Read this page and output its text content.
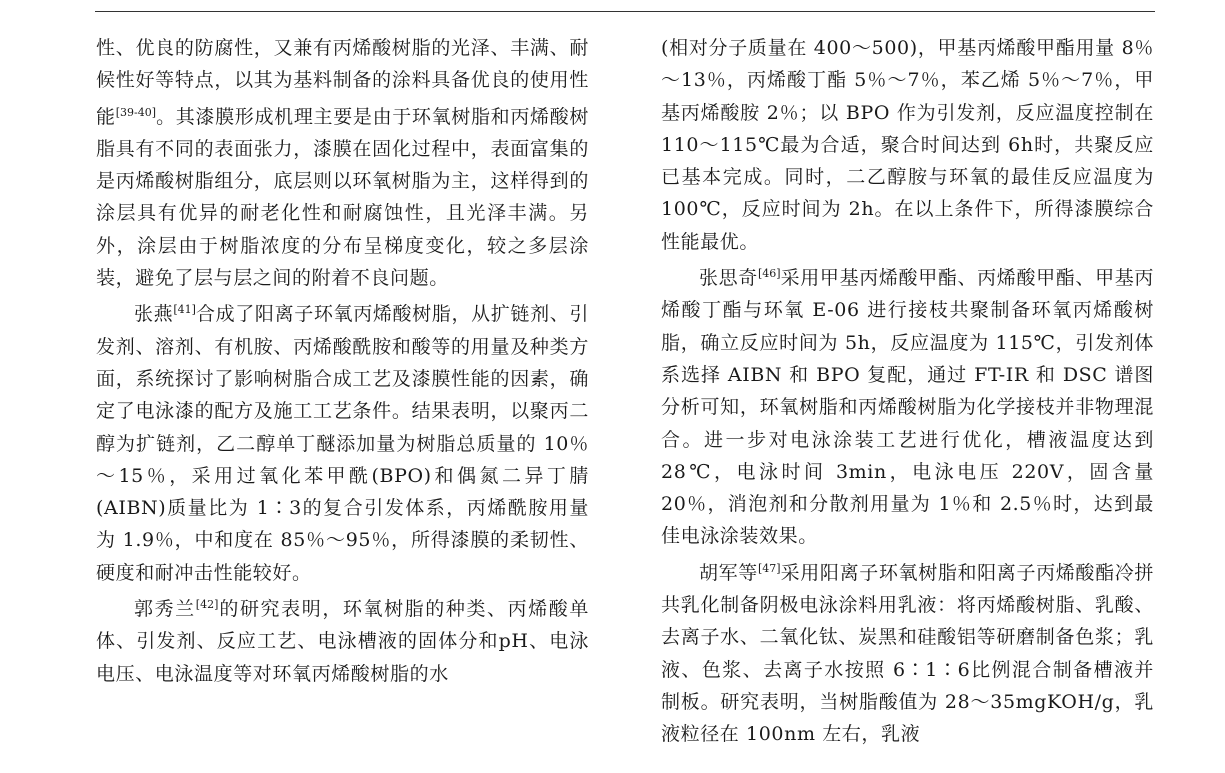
性、优良的防腐性，又兼有丙烯酸树脂的光泽、丰满、耐候性好等特点，以其为基料制备的涂料具备优良的使用性能[39-40]。其漆膜形成机理主要是由于环氧树脂和丙烯酸树脂具有不同的表面张力，漆膜在固化过程中，表面富集的是丙烯酸树脂组分，底层则以环氧树脂为主，这样得到的涂层具有优异的耐老化性和耐腐蚀性，且光泽丰满。另外，涂层由于树脂浓度的分布呈梯度变化，较之多层涂装，避免了层与层之间的附着不良问题。

张燕[41]合成了阳离子环氧丙烯酸树脂，从扩链剂、引发剂、溶剂、有机胺、丙烯酸酰胺和酸等的用量及种类方面，系统探讨了影响树脂合成工艺及漆膜性能的因素，确定了电泳漆的配方及施工工艺条件。结果表明，以聚丙二醇为扩链剂，乙二醇单丁醚添加量为树脂总质量的 10％～15％，采用过氧化苯甲酰(BPO)和偶氮二异丁腈(AIBN)质量比为 1∶3的复合引发体系，丙烯酰胺用量为 1.9％，中和度在 85％～95％，所得漆膜的柔韧性、硬度和耐冲击性能较好。

郭秀兰[42]的研究表明，环氧树脂的种类、丙烯酸单体、引发剂、反应工艺、电泳槽液的固体分和pH、电泳电压、电泳温度等对环氧丙烯酸树脂的水

(相对分子质量在 400～500)，甲基丙烯酸甲酯用量 8％～13％，丙烯酸丁酯 5％～7％，苯乙烯 5％～7％，甲基丙烯酸胺 2％；以 BPO 作为引发剂，反应温度控制在 110～115℃最为合适，聚合时间达到 6h时，共聚反应已基本完成。同时，二乙醇胺与环氧的最佳反应温度为 100℃，反应时间为 2h。在以上条件下，所得漆膜综合性能最优。

张思奇[46]采用甲基丙烯酸甲酯、丙烯酸甲酯、甲基丙烯酸丁酯与环氧 E-06 进行接枝共聚制备环氧丙烯酸树脂，确立反应时间为 5h，反应温度为 115℃，引发剂体系选择 AIBN 和 BPO 复配，通过 FT-IR 和 DSC 谱图分析可知，环氧树脂和丙烯酸树脂为化学接枝并非物理混合。进一步对电泳涂装工艺进行优化，槽液温度达到 28℃，电泳时间 3min，电泳电压 220V，固含量 20％，消泡剂和分散剂用量为 1％和 2.5％时，达到最佳电泳涂装效果。

胡军等[47]采用阳离子环氧树脂和阳离子丙烯酸酯冷拼共乳化制备阴极电泳涂料用乳液：将丙烯酸树脂、乳酸、去离子水、二氧化钛、炭黑和硅酸铝等研磨制备色浆；乳液、色浆、去离子水按照 6∶1∶6比例混合制备槽液并制板。研究表明，当树脂酸值为 28～35mgKOH/g，乳液粒径在 100nm 左右，乳液
